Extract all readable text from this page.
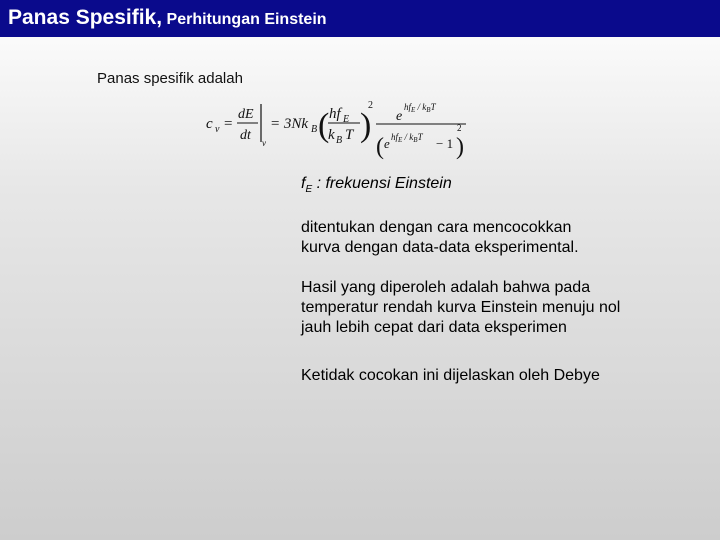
Panas Spesifik, Perhitungan Einstein
Panas spesifik adalah
c v =
dE
dt v
= 3Nk B ( hf E
k B T )
2
e
$hf_E / k_BT$
( e $hf_E / k_BT - 1$ )
2
$f_E$ : frekuensi Einstein
ditentukan dengan cara mencocokkan
kurva dengan data-data eksperimental.
Hasil yang diperoleh adalah bahwa pada
temperatur rendah kurva Einstein menuju nol
jauh lebih cepat dari data eksperimen
Ketidak cocokan ini dijelaskan oleh Debye
